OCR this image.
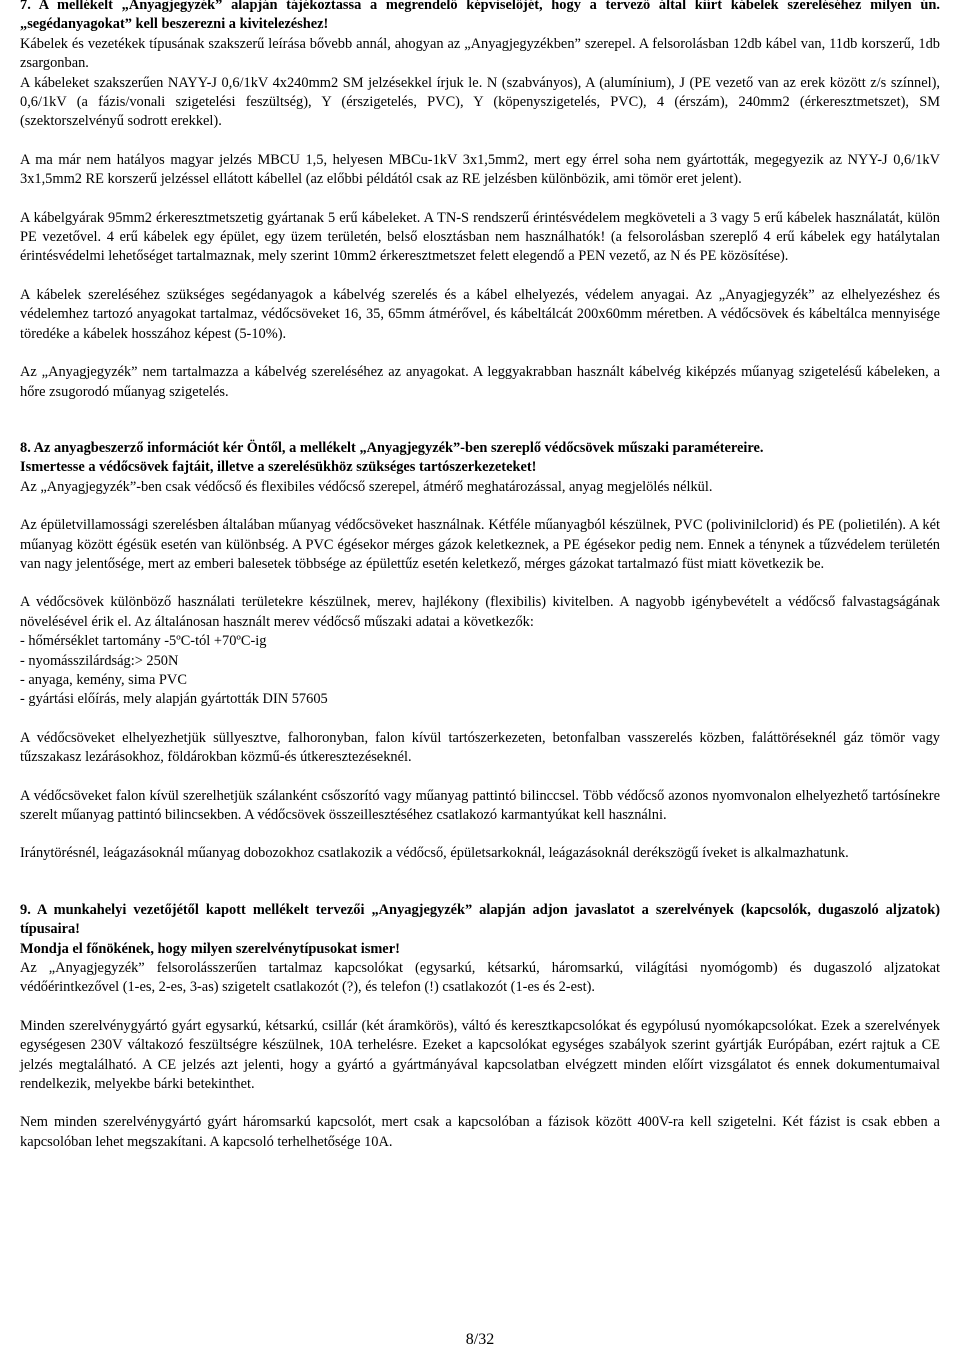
7. A mellékelt „Anyagjegyzék” alapján tájékoztassa a megrendelő képviselőjét, hogy a tervező által kiírt kábelek szereléséhez milyen ún. „segédanyagokat” kell beszerezni a kivitelezéshez!

Kábelek és vezetékek típusának szakszerű leírása bővebb annál, ahogyan az „Anyagjegyzékben” szerepel. A felsorolásban 12db kábel van, 11db korszerű, 1db zsargonban.

A kábeleket szakszerűen NAYY-J 0,6/1kV 4x240mm2 SM jelzésekkel írjuk le. N (szabványos), A (alumínium), J (PE vezető van az erek között z/s színnel), 0,6/1kV (a fázis/vonali szigetelési feszültség), Y (érszigetelés, PVC), Y (köpenyszigetelés, PVC), 4 (érszám), 240mm2 (érkeresztmetszet), SM (szektorszelvényű sodrott erekkel).

A ma már nem hatályos magyar jelzés MBCU 1,5, helyesen MBCu-1kV 3x1,5mm2, mert egy érrel soha nem gyártották, megegyezik az NYY-J 0,6/1kV 3x1,5mm2 RE korszerű jelzéssel ellátott kábellel (az előbbi példától csak az RE jelzésben különbözik, ami tömör eret jelent).

A kábelgyárak 95mm2 érkeresztmetszetig gyártanak 5 erű kábeleket. A TN-S rendszerű érintésvédelem megköveteli a 3 vagy 5 erű kábelek használatát, külön PE vezetővel. 4 erű kábelek egy épület, egy üzem területén, belső elosztásban nem használhatók! (a felsorolásban szereplő 4 erű kábelek egy hatálytalan érintésvédelmi lehetőséget tartalmaznak, mely szerint 10mm2 érkeresztmetszet felett elegendő a PEN vezető, az N és PE közösítése).

A kábelek szereléséhez szükséges segédanyagok a kábelvég szerelés és a kábel elhelyezés, védelem anyagai. Az „Anyagjegyzék” az elhelyezéshez és védelemhez tartozó anyagokat tartalmaz, védőcsöveket 16, 35, 65mm átmérővel, és kábeltálcát 200x60mm méretben. A védőcsövek és kábeltálca mennyisége töredéke a kábelek hosszához képest (5-10%).

Az „Anyagjegyzék” nem tartalmazza a kábelvég szereléséhez az anyagokat. A leggyakrabban használt kábelvég kiképzés műanyag szigetelésű kábeleken, a hőre zsugorodó műanyag szigetelés.

8. Az anyagbeszerző információt kér Öntől, a mellékelt „Anyagjegyzék”-ben szereplő védőcsövek műszaki paramétereire.

Ismertesse a védőcsövek fajtáit, illetve a szerelésükhöz szükséges tartószerkezeteket!

Az „Anyagjegyzék”-ben csak védőcső és flexibiles védőcső szerepel, átmérő meghatározással, anyag megjelölés nélkül.

Az épületvillamossági szerelésben általában műanyag védőcsöveket használnak. Kétféle műanyagból készülnek, PVC (polivinilclorid) és PE (polietilén). A két műanyag között égésük esetén van különbség. A PVC égésekor mérges gázok keletkeznek, a PE égésekor pedig nem. Ennek a ténynek a tűzvédelem területén van nagy jelentősége, mert az emberi balesetek többsége az épülettűz esetén keletkező, mérges gázokat tartalmazó füst miatt következik be.

A védőcsövek különböző használati területekre készülnek, merev, hajlékony (flexibilis) kivitelben. A nagyobb igénybevételt a védőcső falvastagságának növelésével érik el. Az általánosan használt merev védőcső műszaki adatai a következők:

- hőmérséklet tartomány -5ºC-tól +70ºC-ig

- nyomásszilárdság:> 250N

- anyaga, kemény, sima PVC

- gyártási előírás, mely alapján gyártották DIN 57605

A védőcsöveket elhelyezhetjük süllyesztve, falhoronyban, falon kívül tartószerkezeten, betonfalban vasszerelés közben, faláttöréseknél gáz tömör vagy tűzszakasz lezárásokhoz, földárokban közmű-és útkeresztezéseknél.

A védőcsöveket falon kívül szerelhetjük szálanként csőszorító vagy műanyag pattintó bilinccsel. Több védőcső azonos nyomvonalon elhelyezhető tartósínekre szerelt műanyag pattintó bilincsekben. A védőcsövek összeillesztéséhez csatlakozó karmantyúkat kell használni.

Iránytörésnél, leágazásoknál műanyag dobozokhoz csatlakozik a védőcső, épületsarkoknál, leágazásoknál derékszögű íveket is alkalmazhatunk.

9. A munkahelyi vezetőjétől kapott mellékelt tervezői „Anyagjegyzék” alapján adjon javaslatot a szerelvények (kapcsolók, dugaszoló aljzatok) típusaira!

Mondja el főnökének, hogy milyen szerelvénytípusokat ismer!

Az „Anyagjegyzék” felsorolásszerűen tartalmaz kapcsolókat (egysarkú, kétsarkú, háromsarkú, világítási nyomógomb) és dugaszoló aljzatokat védőérintkezővel (1-es, 2-es, 3-as) szigetelt csatlakozót (?), és telefon (!) csatlakozót (1-es és 2-est).

Minden szerelvénygyártó gyárt egysarkú, kétsarkú, csillár (két áramkörös), váltó és keresztkapcsolókat és egypólusú nyomókapcsolókat. Ezek a szerelvények egységesen 230V váltakozó feszültségre készülnek, 10A terhelésre. Ezeket a kapcsolókat egységes szabályok szerint gyártják Európában, ezért rajtuk a CE jelzés megtalálható. A CE jelzés azt jelenti, hogy a gyártó a gyártmányával kapcsolatban elvégzett minden előírt vizsgálatot és ennek dokumentumaival rendelkezik, melyekbe bárki betekinthet.

Nem minden szerelvénygyártó gyárt háromsarkú kapcsolót, mert csak a kapcsolóban a fázisok között 400V-ra kell szigetelni. Két fázist is csak ebben a kapcsolóban lehet megszakítani. A kapcsoló terhelhetősége 10A.

8/32
